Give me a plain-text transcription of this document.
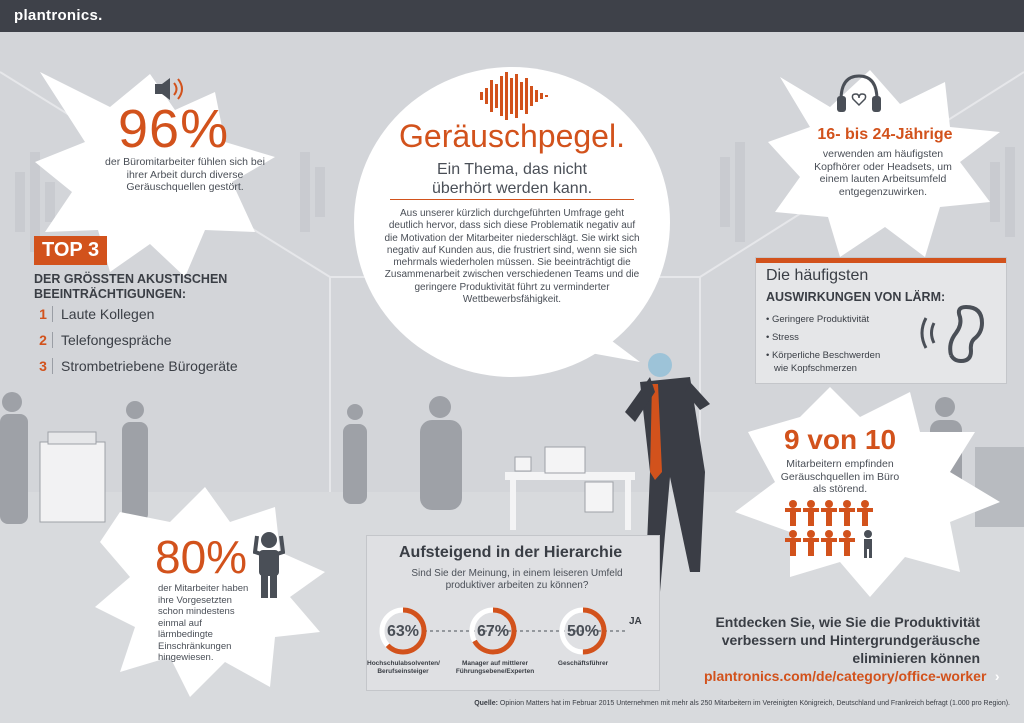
plantronics.
96%
der Büromitarbeiter fühlen sich bei ihrer Arbeit durch diverse Geräuschquellen gestört.
Geräuschpegel.
Ein Thema, das nicht überhört werden kann.
Aus unserer kürzlich durchgeführten Umfrage geht deutlich hervor, dass sich diese Problematik negativ auf die Motivation der Mitarbeiter niederschlägt. Sie wirkt sich negativ auf Kunden aus, die frustriert sind, wenn sie sich mehrmals wiederholen müssen. Sie beeinträchtigt die Zusammenarbeit zwischen verschiedenen Teams und die geringere Produktivität führt zu verminderter Wettbewerbsfähigkeit.
16- bis 24-Jährige
verwenden am häufigsten Kopfhörer oder Headsets, um einem lauten Arbeitsumfeld entgegenzuwirken.
TOP 3
DER GRÖSSTEN AKUSTISCHEN BEEINTRÄCHTIGUNGEN:
1 Laute Kollegen
2 Telefongespräche
3 Strombetriebene Bürogeräte
Die häufigsten
AUSWIRKUNGEN VON LÄRM:
• Geringere Produktivität
• Stress
• Körperliche Beschwerden
wie Kopfschmerzen
9 von 10
Mitarbeitern empfinden Geräuschquellen im Büro als störend.
80%
der Mitarbeiter haben ihre Vorgesetzten schon mindestens einmal auf lärmbedingte Einschränkungen hingewiesen.
Aufsteigend in der Hierarchie
Sind Sie der Meinung, in einem leiseren Umfeld produktiver arbeiten zu können?
JA
63%	67%	50%
Hochschulabsolventen/
Berufseinsteiger
Manager auf mittlerer
Führungsebene/Experten
Geschäftsführer
Entdecken Sie, wie Sie die Produktivität
verbessern und Hintergrundgeräusche
eliminieren können
plantronics.com/de/category/office-worker ›
Quelle: Opinion Matters hat im Februar 2015 Unternehmen mit mehr als 250 Mitarbeitern im Vereinigten Königreich, Deutschland und Frankreich befragt (1.000 pro Region).
